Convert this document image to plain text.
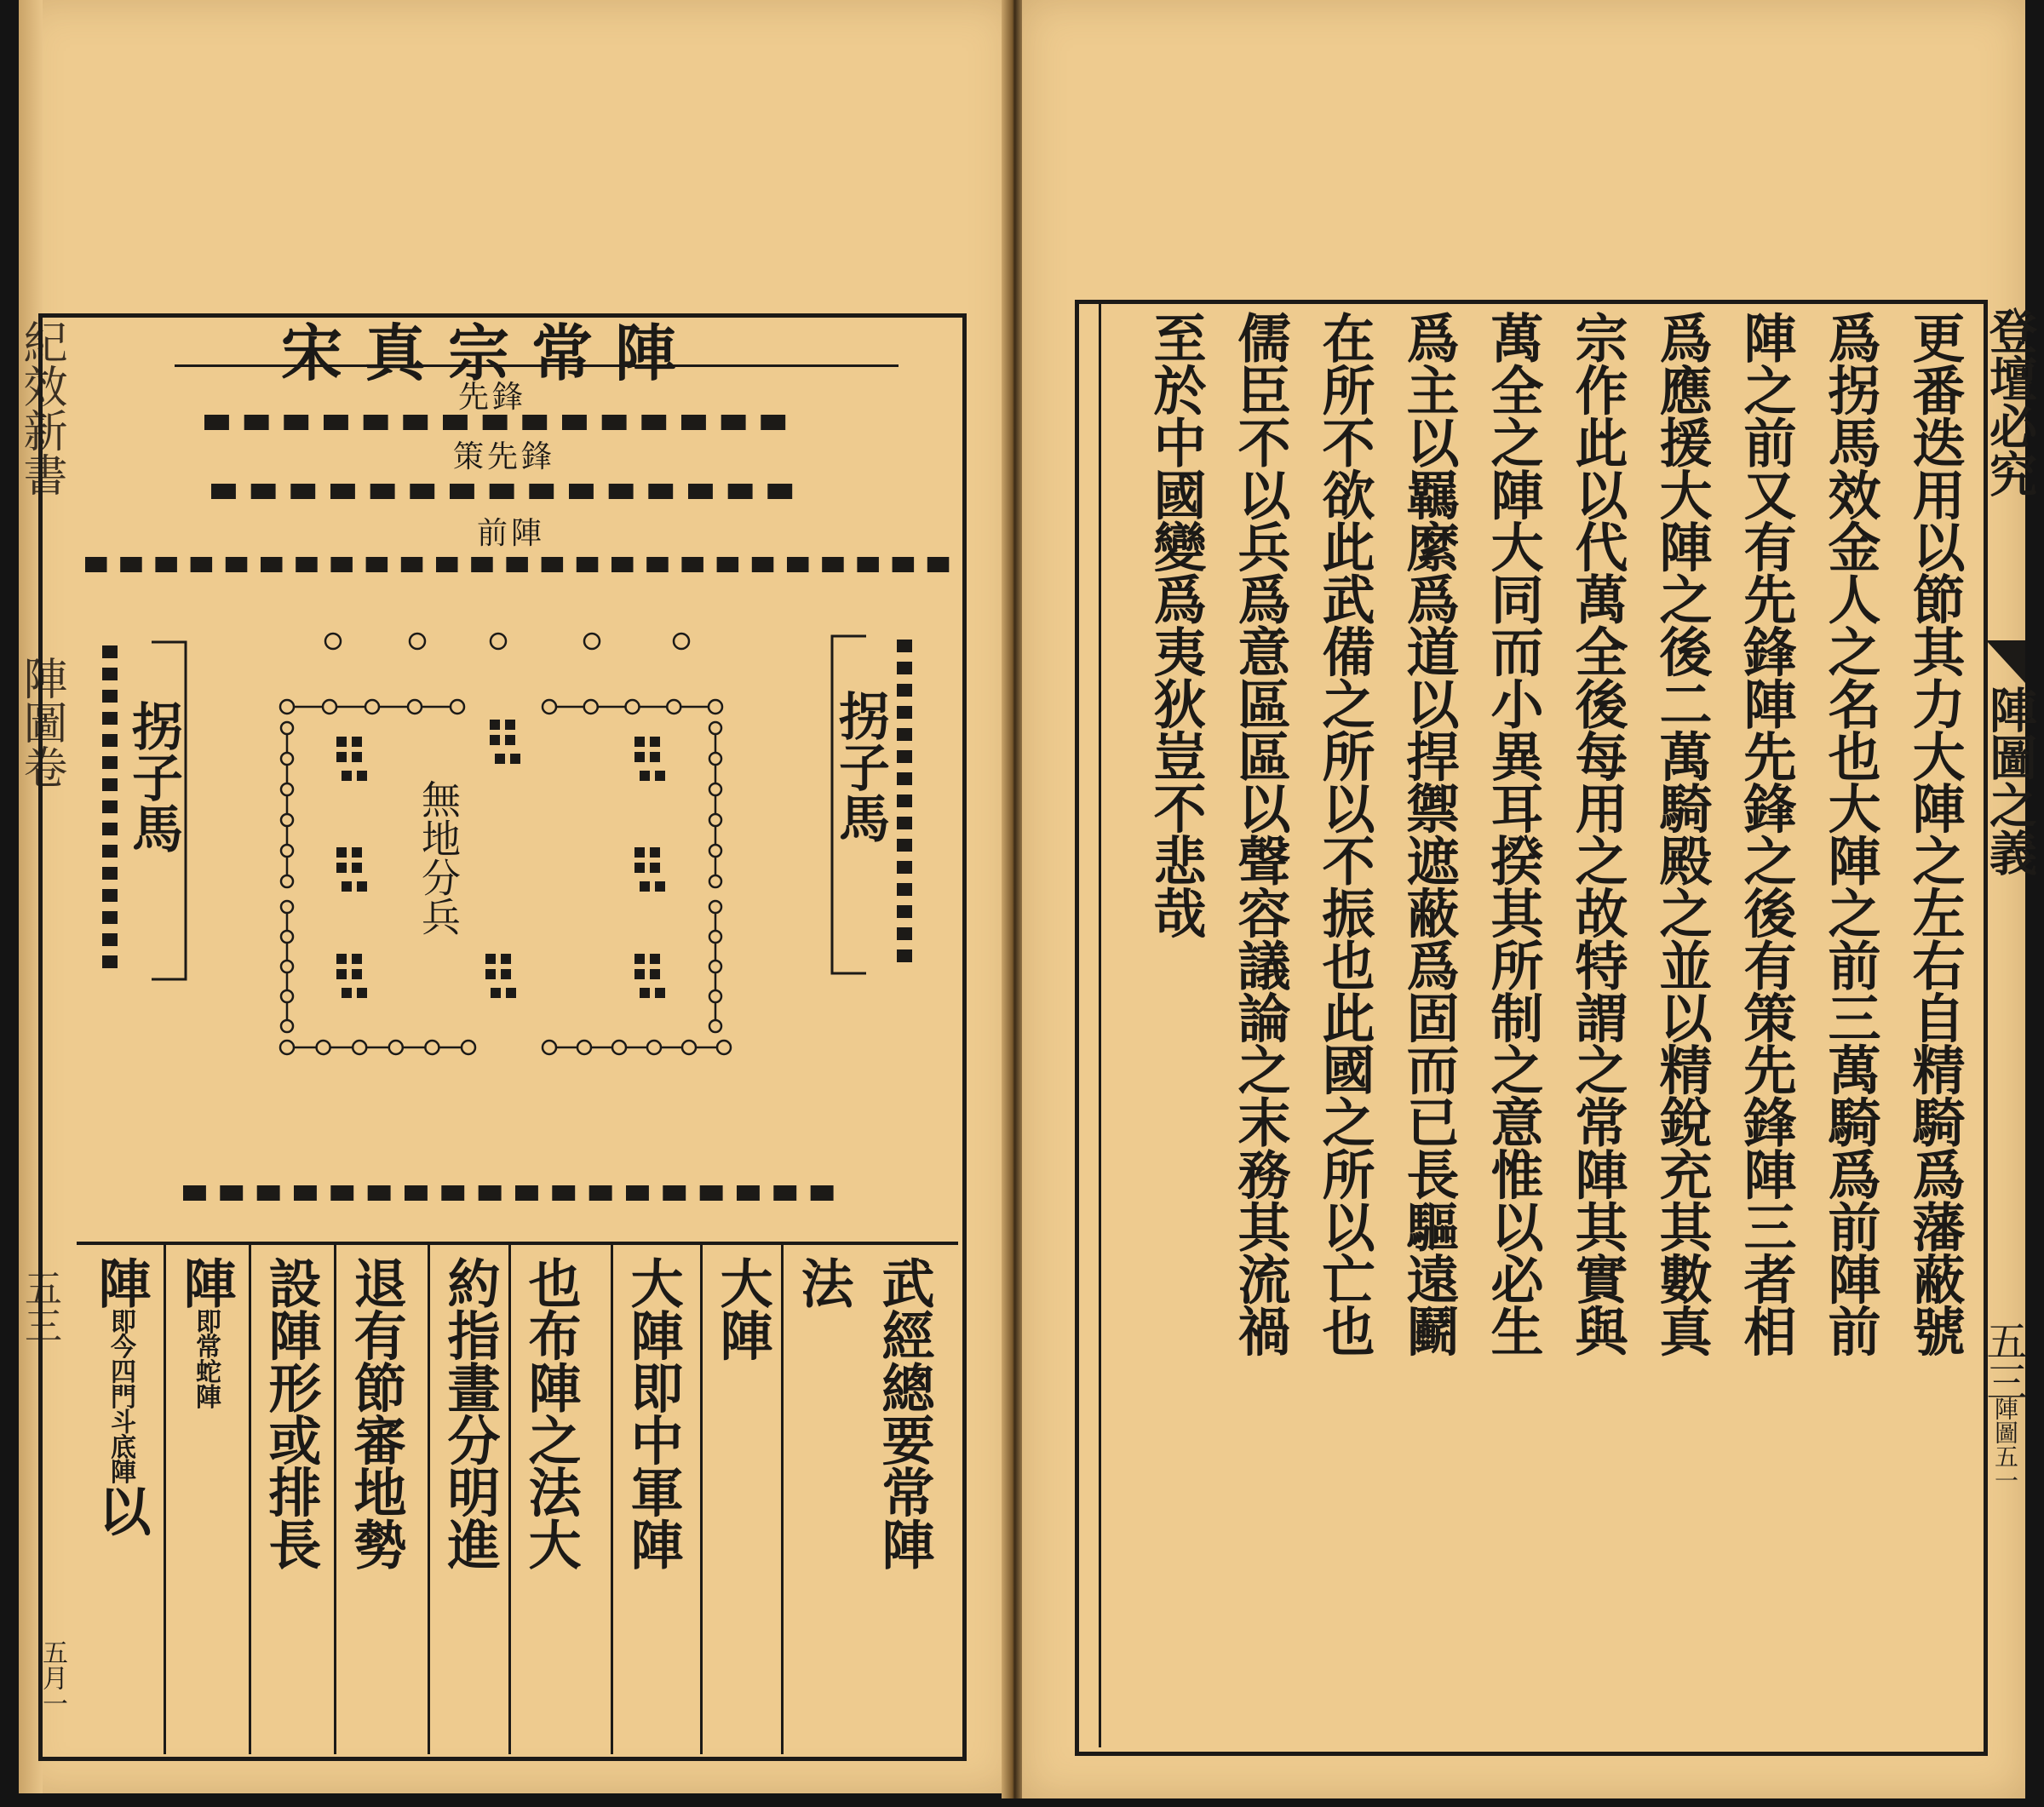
紀效新書
陣圖卷
五三
宋真宗常陣
先鋒
策先鋒
前陣
拐子馬	拐子馬
無地分兵
武經總要常陣
法
大陣
大陣即中軍陣
也布陣之法大
約指畫分明進
退有節審地勢
設陣形或排長
陣即常蛇陣
陣即今四門斗底陣以
五月一
登壇必究
陣圖之義
五三
陣圖五一
更番迭用以節其力大陣之左右自精騎爲藩蔽號
爲拐馬效金人之名也大陣之前三萬騎爲前陣前
陣之前又有先鋒陣先鋒之後有策先鋒陣三者相
爲應援大陣之後二萬騎殿之並以精銳充其數真
宗作此以代萬全後每用之故特謂之常陣其實與
萬全之陣大同而小異耳揆其所制之意惟以必生
爲主以羈縻爲道以捍禦遮蔽爲固而已長驅遠鬬
在所不欲此武備之所以不振也此國之所以亡也
儒臣不以兵爲意區區以聲容議論之末務其流禍
至於中國變爲夷狄豈不悲哉
